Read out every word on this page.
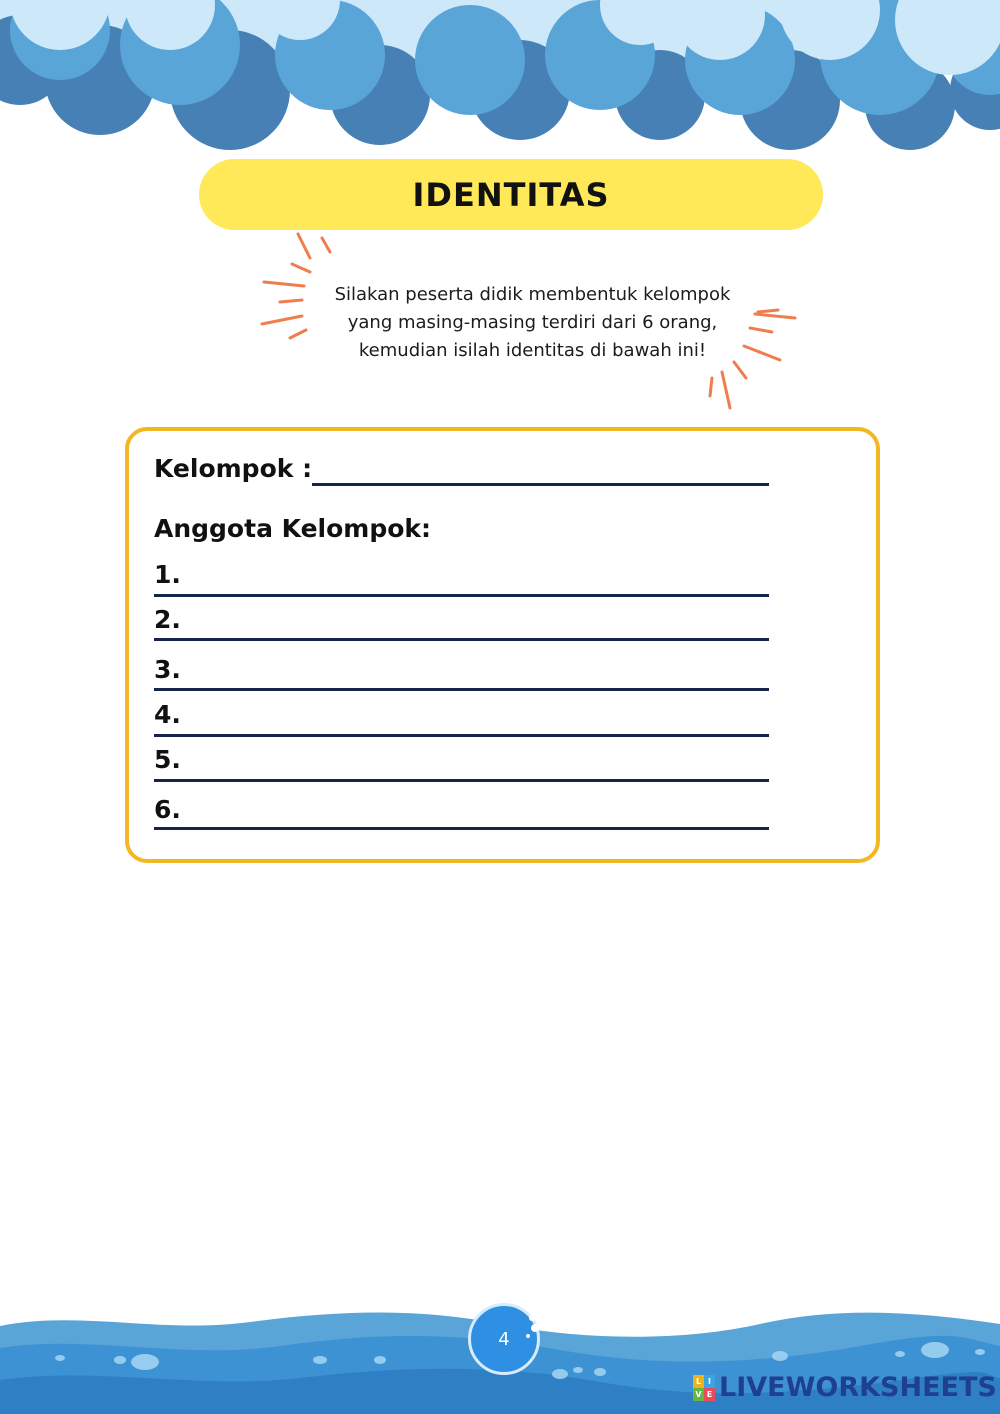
IDENTITAS
Silakan peserta didik membentuk kelompok
yang masing-masing terdiri dari 6 orang,
kemudian isilah identitas di bawah ini!
Kelompok :
Anggota Kelompok:
1.
2.
3.
4.
5.
6.
4
L I
V E LIVEWORKSHEETS
